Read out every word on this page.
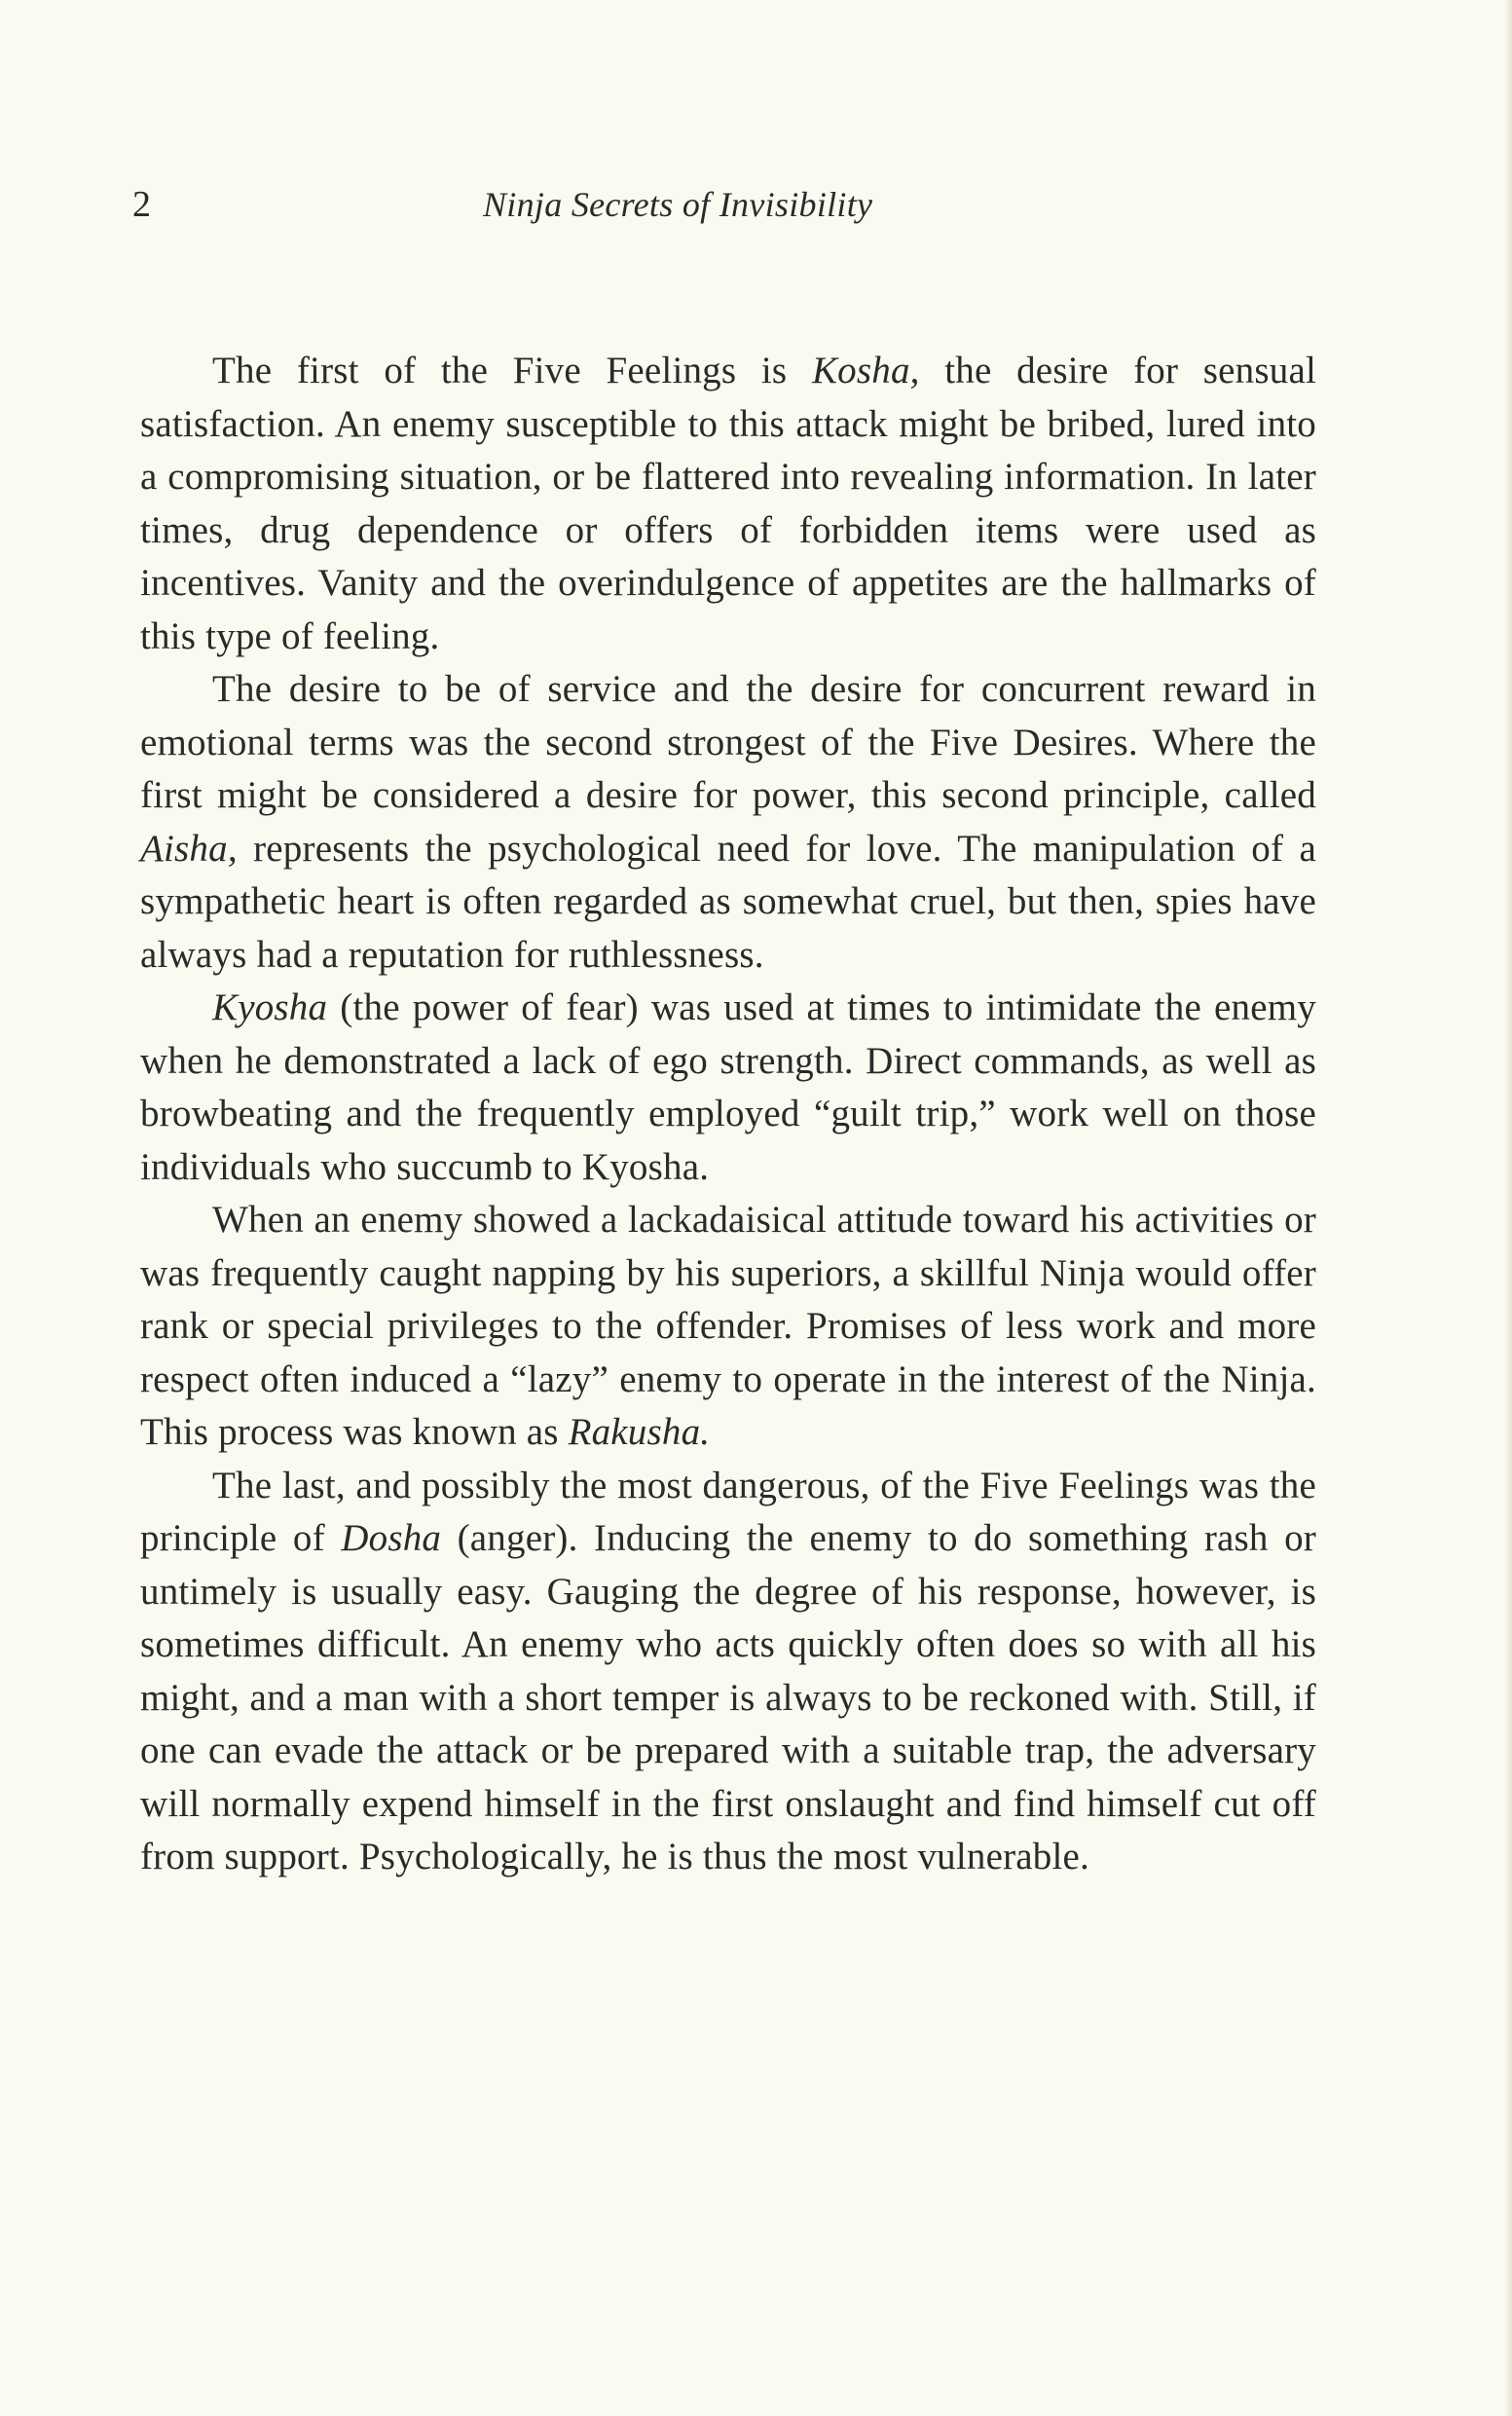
2	Ninja Secrets of Invisibility

The first of the Five Feelings is Kosha, the desire for sensual satisfaction. An enemy susceptible to this attack might be bribed, lured into a compromising situation, or be flattered into revealing information. In later times, drug dependence or offers of forbidden items were used as incentives. Vanity and the overindulgence of appetites are the hallmarks of this type of feeling.

The desire to be of service and the desire for concurrent reward in emotional terms was the second strongest of the Five Desires. Where the first might be considered a desire for power, this second principle, called Aisha, represents the psychological need for love. The manipulation of a sympathetic heart is often regarded as somewhat cruel, but then, spies have always had a reputation for ruthlessness.

Kyosha (the power of fear) was used at times to intimidate the enemy when he demonstrated a lack of ego strength. Direct commands, as well as browbeating and the frequently employed “guilt trip,” work well on those individuals who succumb to Kyosha.

When an enemy showed a lackadaisical attitude toward his activities or was frequently caught napping by his superiors, a skillful Ninja would offer rank or special privileges to the offender. Promises of less work and more respect often induced a “lazy” enemy to operate in the interest of the Ninja. This process was known as Rakusha.

The last, and possibly the most dangerous, of the Five Feelings was the principle of Dosha (anger). Inducing the enemy to do something rash or untimely is usually easy. Gauging the degree of his response, however, is sometimes difficult. An enemy who acts quickly often does so with all his might, and a man with a short temper is always to be reckoned with. Still, if one can evade the attack or be prepared with a suitable trap, the adversary will normally expend himself in the first onslaught and find himself cut off from support. Psychologically, he is thus the most vulnerable.
